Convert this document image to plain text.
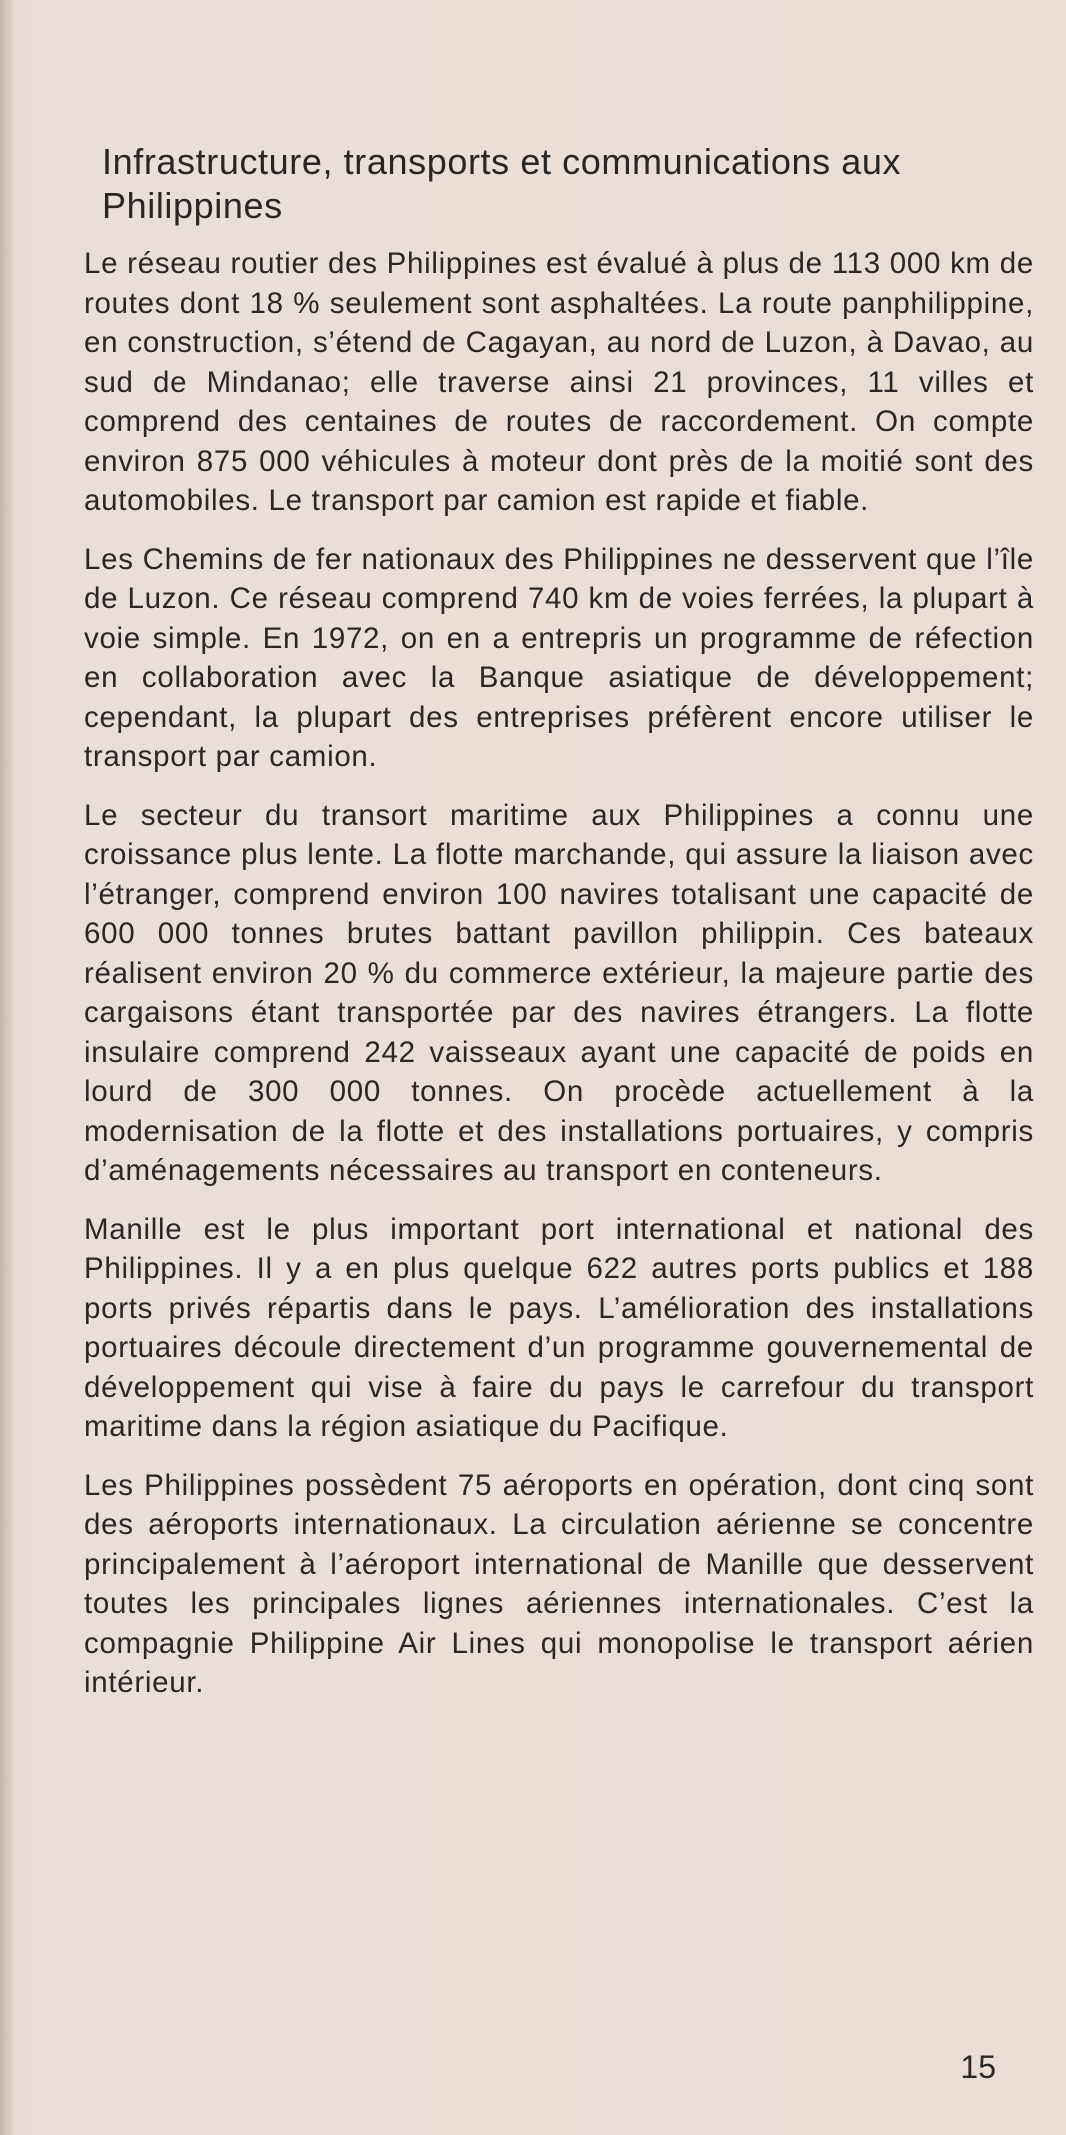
Infrastructure, transports et communications aux Philippines

Le réseau routier des Philippines est évalué à plus de 113 000 km de routes dont 18 % seulement sont asphaltées. La route panphilippine, en construction, s’étend de Cagayan, au nord de Luzon, à Davao, au sud de Mindanao; elle traverse ainsi 21 provinces, 11 villes et comprend des centaines de routes de raccordement. On compte environ 875 000 véhicules à moteur dont près de la moitié sont des automobiles. Le transport par camion est rapide et fiable.

Les Chemins de fer nationaux des Philippines ne desservent que l’île de Luzon. Ce réseau comprend 740 km de voies ferrées, la plupart à voie simple. En 1972, on en a entrepris un programme de réfection en collaboration avec la Banque asiatique de développement; cependant, la plupart des entreprises préfèrent encore utiliser le transport par camion.

Le secteur du transort maritime aux Philippines a connu une croissance plus lente. La flotte marchande, qui assure la liaison avec l’étranger, comprend environ 100 navires totalisant une capacité de 600 000 tonnes brutes battant pavillon philippin. Ces bateaux réalisent environ 20 % du commerce extérieur, la majeure partie des cargaisons étant transportée par des navires étrangers. La flotte insulaire comprend 242 vaisseaux ayant une capacité de poids en lourd de 300 000 tonnes. On procède actuellement à la modernisation de la flotte et des installations portuaires, y compris d’aménagements nécessaires au transport en conteneurs.

Manille est le plus important port international et national des Philippines. Il y a en plus quelque 622 autres ports publics et 188 ports privés répartis dans le pays. L’amélioration des installations portuaires découle directement d’un programme gouvernemental de développement qui vise à faire du pays le carrefour du transport maritime dans la région asiatique du Pacifique.

Les Philippines possèdent 75 aéroports en opération, dont cinq sont des aéroports internationaux. La circulation aérienne se concentre principalement à l’aéroport international de Manille que desservent toutes les principales lignes aériennes internationales. C’est la compagnie Philippine Air Lines qui monopolise le transport aérien intérieur.

15
